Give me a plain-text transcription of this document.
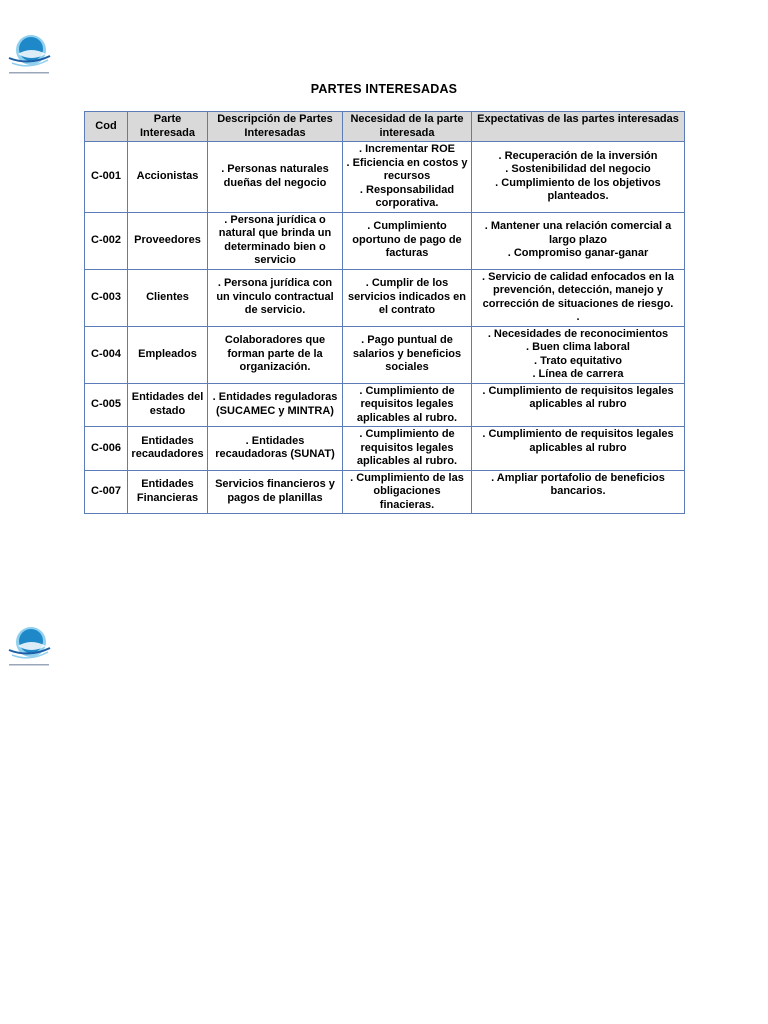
PARTES INTERESADAS
Cod	Parte Interesada	Descripción de Partes Interesadas	Necesidad de la parte interesada	Expectativas de las partes interesadas
C-001	Accionistas	. Personas naturales dueñas del negocio	. Incrementar ROE
. Eficiencia en costos y recursos
. Responsabilidad corporativa.	. Recuperación de la inversión
. Sostenibilidad del negocio
. Cumplimiento de los objetivos planteados.

C-002	Proveedores	. Persona jurídica o natural que brinda un determinado bien o servicio	. Cumplimiento oportuno de pago de facturas	. Mantener una relación comercial a largo plazo
. Compromiso ganar-ganar

C-003	Clientes	. Persona jurídica con un vinculo contractual de servicio.	. Cumplir de los servicios indicados en el contrato	. Servicio de calidad enfocados en la prevención, detección, manejo y corrección de situaciones de riesgo.
.

C-004	Empleados	Colaboradores que forman parte de la organización.	. Pago puntual de salarios y beneficios sociales	. Necesidades de reconocimientos
. Buen clima laboral
. Trato equitativo
. Línea de carrera

C-005	Entidades del estado	. Entidades reguladoras (SUCAMEC y MINTRA)	. Cumplimiento de requisitos legales aplicables al rubro.	. Cumplimiento de requisitos legales aplicables al rubro

C-006	Entidades recaudadores	. Entidades recaudadoras (SUNAT)	. Cumplimiento de requisitos legales aplicables al rubro.	. Cumplimiento de requisitos legales aplicables al rubro

C-007	Entidades Financieras	Servicios financieros y pagos de planillas	. Cumplimiento de las obligaciones finacieras.	. Ampliar portafolio de beneficios bancarios.
